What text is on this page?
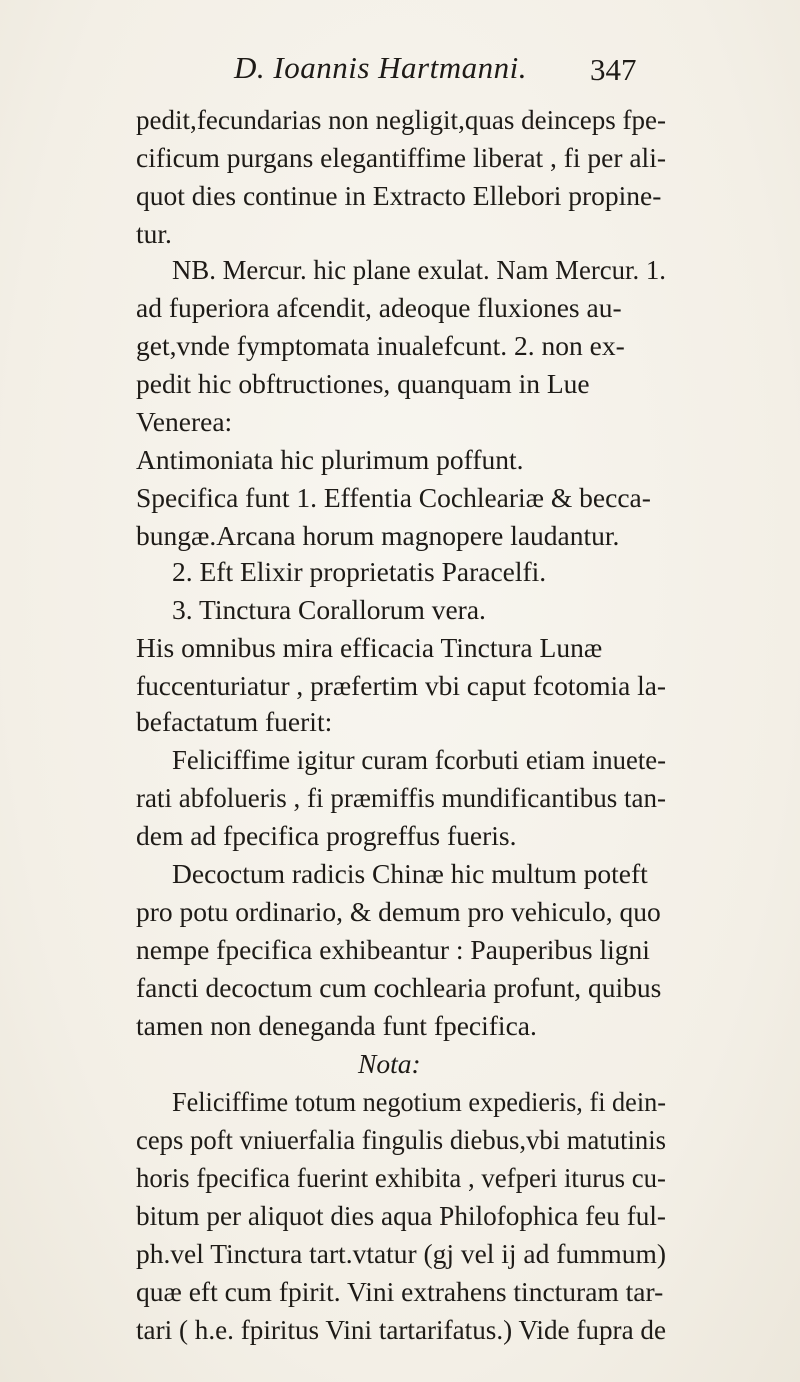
D. Ioannis Hartmanni. 347
pedit,fecundarias non negligit,quas deinceps fpe-
cificum purgans elegantiffime liberat , fi per ali-
quot dies continue in Extracto Ellebori propine-
tur.
NB. Mercur. hic plane exulat. Nam Mercur. 1.
ad fuperiora afcendit, adeoque fluxiones au-
get,vnde fymptomata inualefcunt. 2. non ex-
pedit hic obftructiones, quanquam in Lue
Venerea:
Antimoniata hic plurimum poffunt.
Specifica funt 1. Effentia Cochleariæ & becca-
bungæ.Arcana horum magnopere laudantur.
2. Eft Elixir proprietatis Paracelfi.
3. Tinctura Corallorum vera.
His omnibus mira efficacia Tinctura Lunæ
fuccenturiatur , præfertim vbi caput fcotomia la-
befactatum fuerit:
Feliciffime igitur curam fcorbuti etiam inuete-
rati abfolueris , fi præmiffis mundificantibus tan-
dem ad fpecifica progreffus fueris.
Decoctum radicis Chinæ hic multum poteft
pro potu ordinario, & demum pro vehiculo, quo
nempe fpecifica exhibeantur : Pauperibus ligni
fancti decoctum cum cochlearia profunt, quibus
tamen non deneganda funt fpecifica.
Nota:
Feliciffime totum negotium expedieris, fi dein-
ceps poft vniuerfalia fingulis diebus,vbi matutinis
horis fpecifica fuerint exhibita , vefperi iturus cu-
bitum per aliquot dies aqua Philofophica feu ful-
ph.vel Tinctura tart.vtatur (gj vel ij ad fummum)
quæ eft cum fpirit. Vini extrahens tincturam tar-
tari ( h.e. fpiritus Vini tartarifatus.) Vide fupra de
